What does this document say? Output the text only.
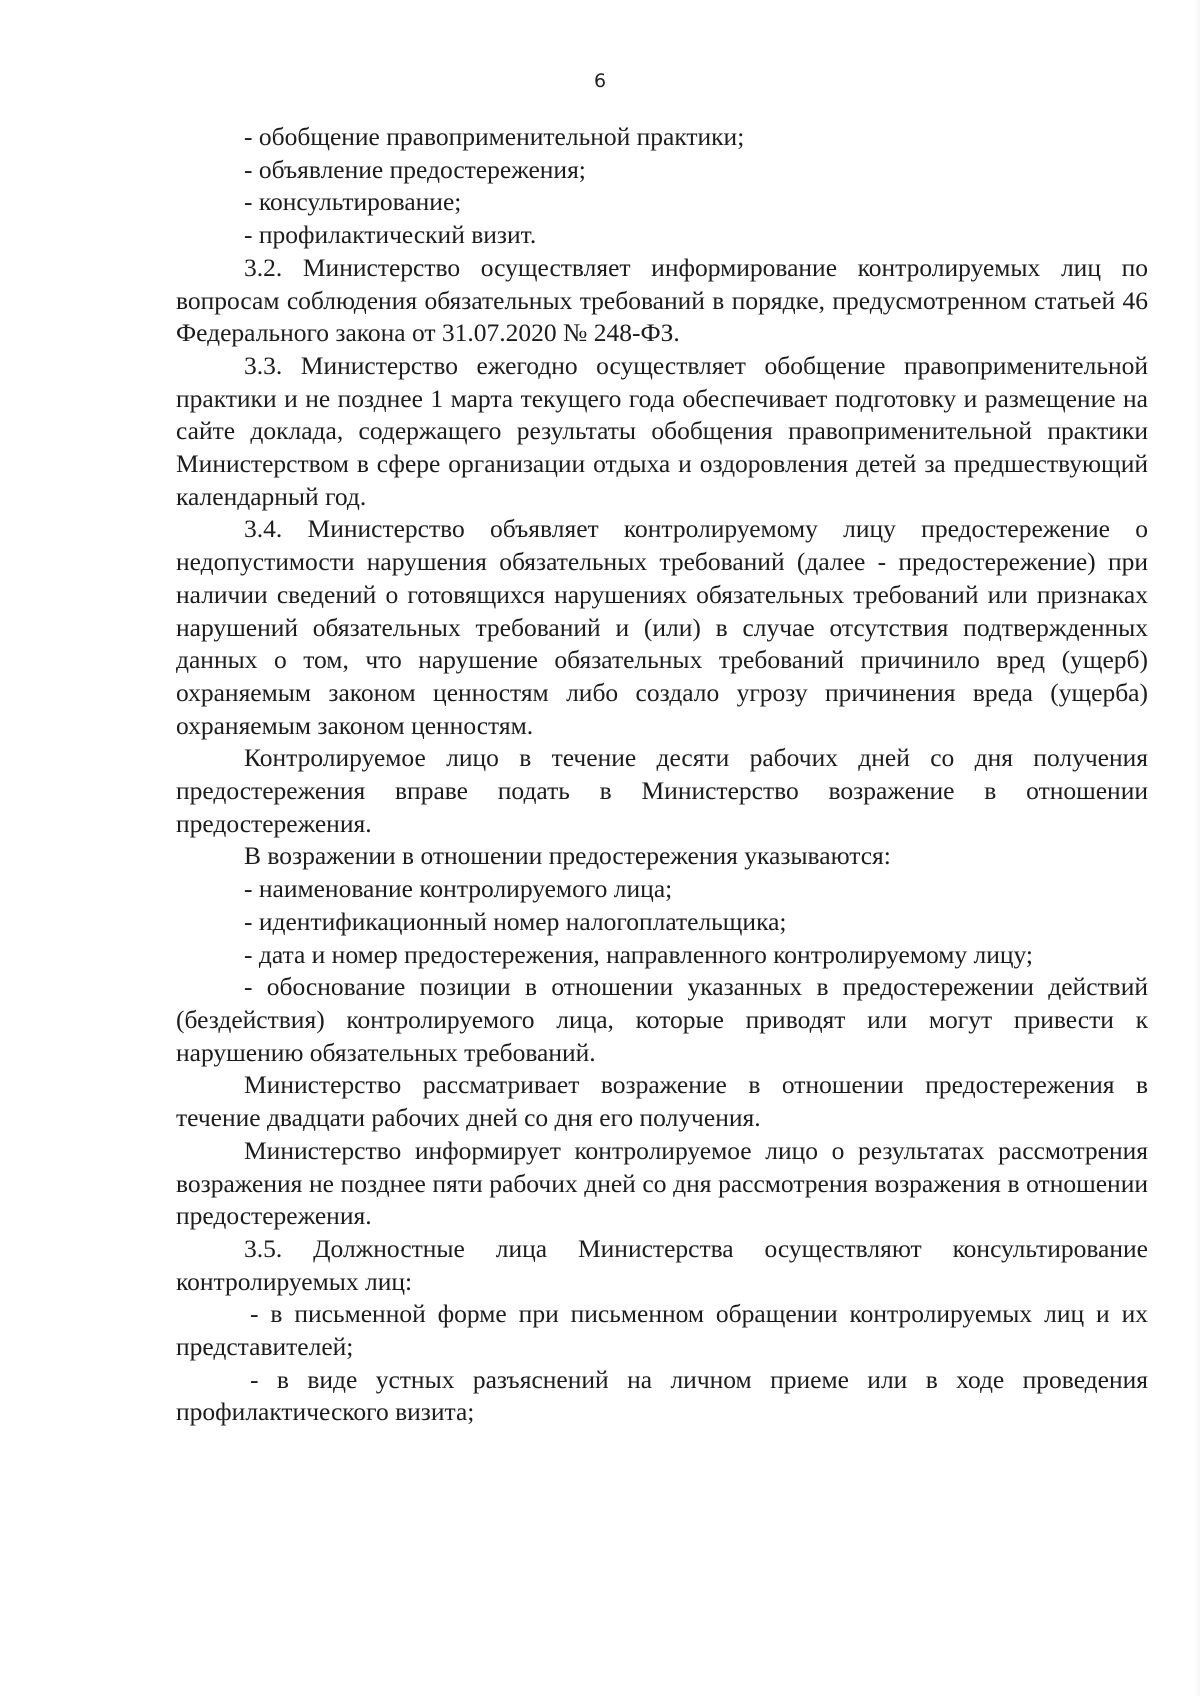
6

- обобщение правоприменительной практики;

- объявление предостережения;

- консультирование;

- профилактический визит.

3.2. Министерство осуществляет информирование контролируемых лиц по вопросам соблюдения обязательных требований в порядке, предусмотренном статьей 46 Федерального закона от 31.07.2020 № 248-ФЗ.

3.3. Министерство ежегодно осуществляет обобщение правоприменительной практики и не позднее 1 марта текущего года обеспечивает подготовку и размещение на сайте доклада, содержащего результаты обобщения правоприменительной практики Министерством в сфере организации отдыха и оздоровления детей за предшествующий календарный год.

3.4. Министерство объявляет контролируемому лицу предостережение о недопустимости нарушения обязательных требований (далее - предостережение) при наличии сведений о готовящихся нарушениях обязательных требований или признаках нарушений обязательных требований и (или) в случае отсутствия подтвержденных данных о том, что нарушение обязательных требований причинило вред (ущерб) охраняемым законом ценностям либо создало угрозу причинения вреда (ущерба) охраняемым законом ценностям.

Контролируемое лицо в течение десяти рабочих дней со дня получения предостережения вправе подать в Министерство возражение в отношении предостережения.

В возражении в отношении предостережения указываются:

- наименование контролируемого лица;

- идентификационный номер налогоплательщика;

- дата и номер предостережения, направленного контролируемому лицу;

- обоснование позиции в отношении указанных в предостережении действий (бездействия) контролируемого лица, которые приводят или могут привести к нарушению обязательных требований.

Министерство рассматривает возражение в отношении предостережения в течение двадцати рабочих дней со дня его получения.

Министерство информирует контролируемое лицо о результатах рассмотрения возражения не позднее пяти рабочих дней со дня рассмотрения возражения в отношении предостережения.

3.5. Должностные лица Министерства осуществляют консультирование контролируемых лиц:

- в письменной форме при письменном обращении контролируемых лиц и их представителей;

- в виде устных разъяснений на личном приеме или в ходе проведения профилактического визита;
